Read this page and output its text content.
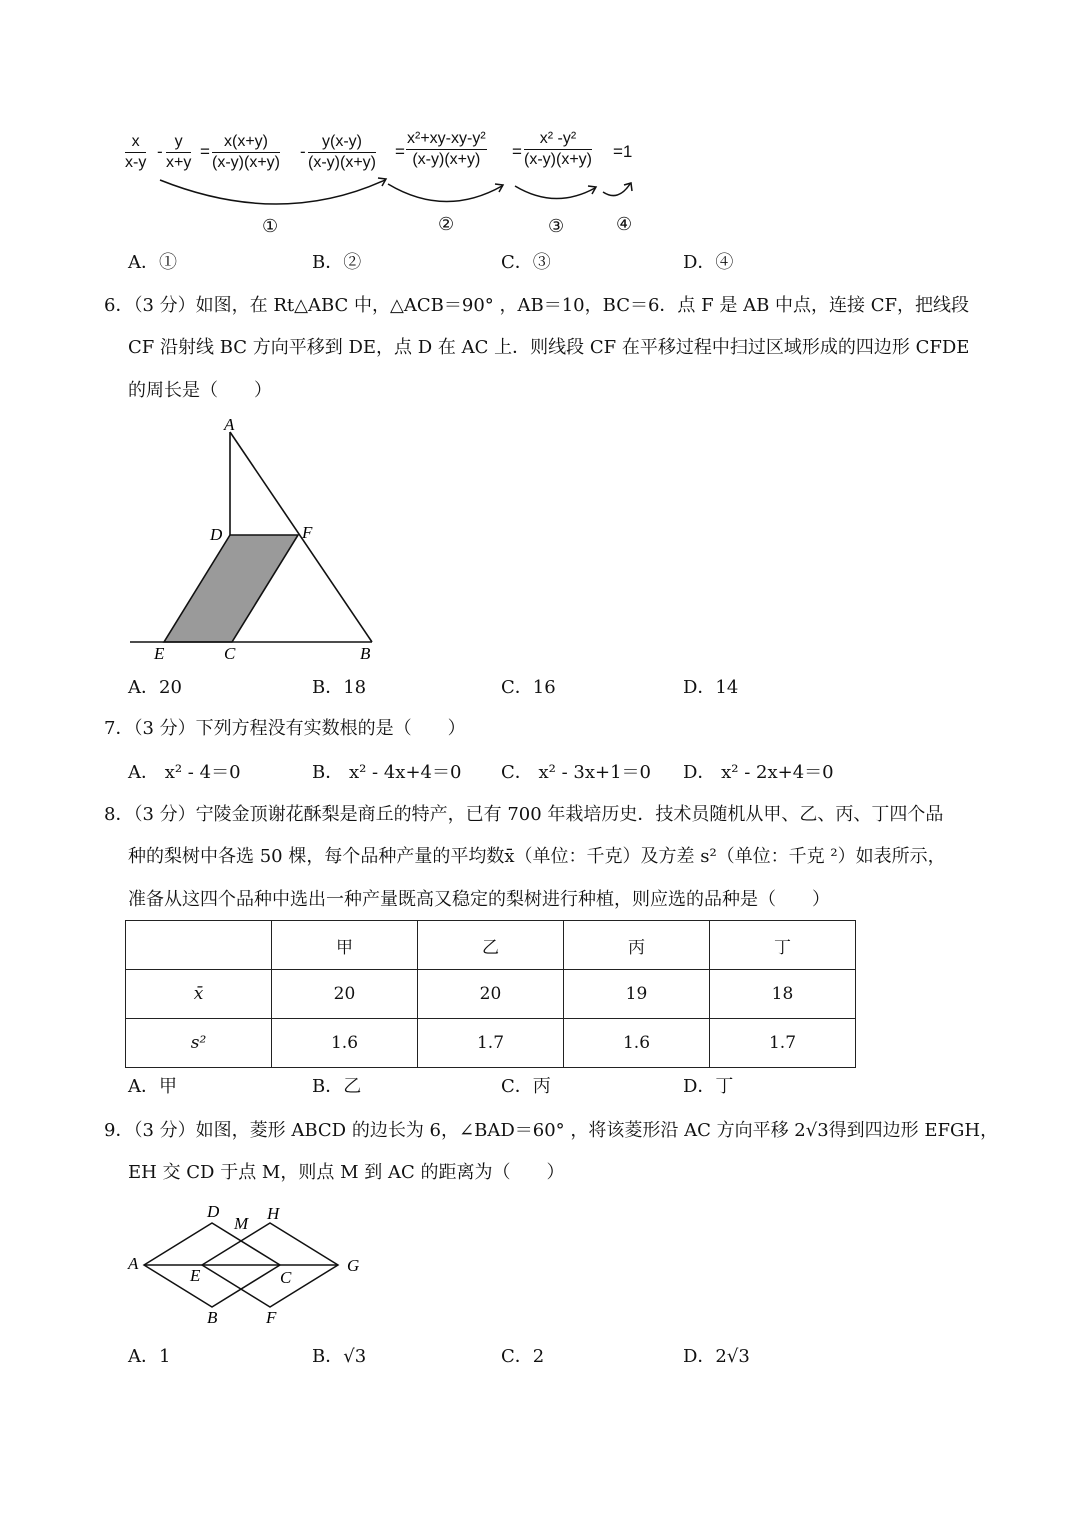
$\frac{x}{x-y} - \frac{y}{x+y} = \frac{x(x+y)}{(x-y)(x+y)} - \frac{y(x-y)}{(x-y)(x+y)} = \frac{\text{x²+xy-xy-y²}}{(x-y)(x+y)} = \frac{\text{x² -y²}}{(x-y)(x+y)} =1$
①	②	③	④
A．①	B．②	C．③	D．④
6．（3 分）如图，在 Rt△ABC 中，△ACB＝90° ，AB＝10，BC＝6．点 F 是 AB 中点，连接 CF，把线段
CF 沿射线 BC 方向平移到 DE，点 D 在 AC 上．则线段 CF 在平移过程中扫过区域形成的四边形 CFDE
的周长是（　　）
A
D	F
E	C	B
A．20	B．18	C．16	D．14
7．（3 分）下列方程没有实数根的是（　　）
A． x² - 4＝0	B． x² - 4x+4＝0 C． x² - 3x+1＝0 D． x² - 2x+4＝0
8．（3 分）宁陵金顶谢花酥梨是商丘的特产，已有 700 年栽培历史．技术员随机从甲、乙、丙、丁四个品
种的梨树中各选 50 棵，每个品种产量的平均数x̄（单位：千克）及方差 s²（单位：千克 ²）如表所示，
准备从这四个品种中选出一种产量既高又稳定的梨树进行种植，则应选的品种是（　　）
	甲	乙	丙	丁
x̄	20	20	19	18
s²	1.6	1.7	1.6	1.7
A．甲	B．乙	C．丙	D．丁
9．（3 分）如图，菱形 ABCD 的边长为 6，∠BAD＝60° ，将该菱形沿 AC 方向平移 2√3得到四边形 EFGH，
EH 交 CD 于点 M，则点 M 到 AC 的距离为（　　）
A
D
M
H
E	C
G
B	F
A．1	B．√3	C．2	D．2√3
